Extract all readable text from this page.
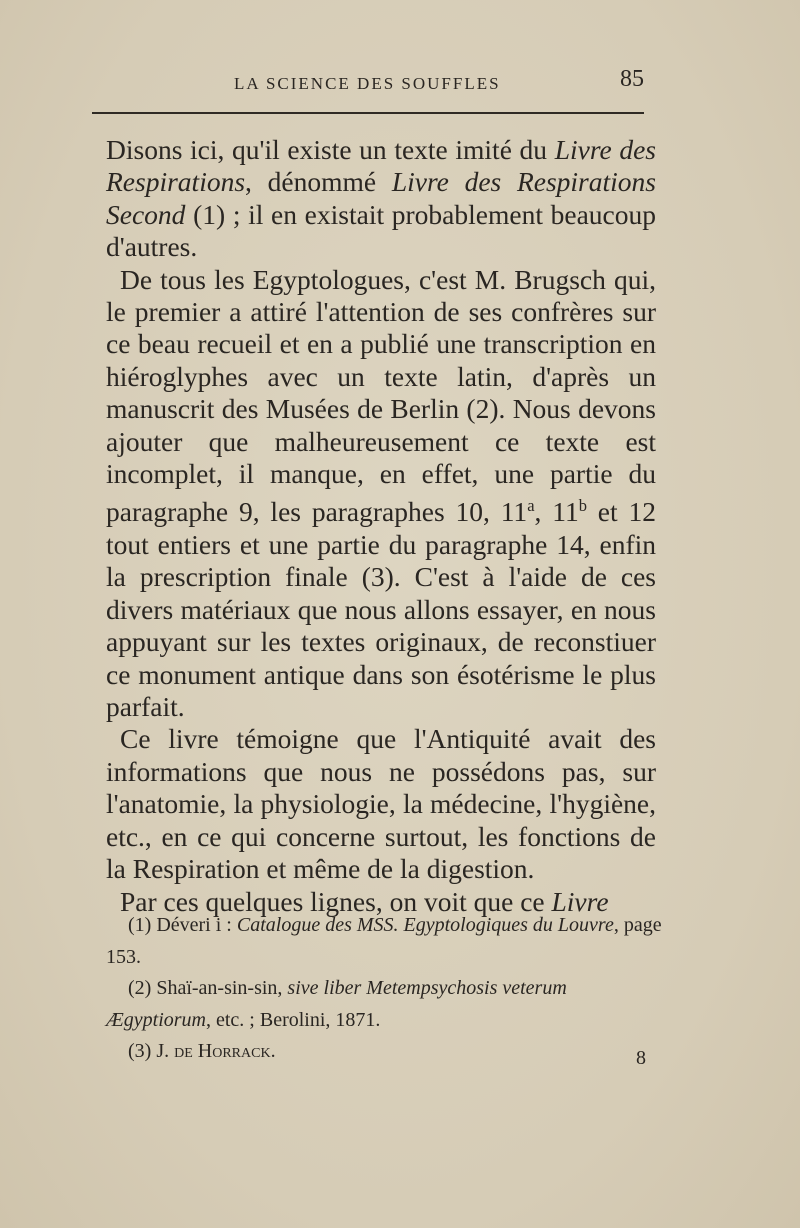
LA SCIENCE DES SOUFFLES	85

Disons ici, qu'il existe un texte imité du Livre des Respirations, dénommé Livre des Respirations Second (1) ; il en existait probablement beaucoup d'autres.

De tous les Egyptologues, c'est M. Brugsch qui, le premier a attiré l'attention de ses confrères sur ce beau recueil et en a publié une transcription en hiéroglyphes avec un texte latin, d'après un manuscrit des Musées de Berlin (2). Nous devons ajouter que malheureusement ce texte est incomplet, il manque, en effet, une partie du paragraphe 9, les paragraphes 10, 11$^a$, 11$^b$ et 12 tout entiers et une partie du paragraphe 14, enfin la prescription finale (3). C'est à l'aide de ces divers matériaux que nous allons essayer, en nous appuyant sur les textes originaux, de reconstiuer ce monument antique dans son ésotérisme le plus parfait.

Ce livre témoigne que l'Antiquité avait des informations que nous ne possédons pas, sur l'anatomie, la physiologie, la médecine, l'hygiène, etc., en ce qui concerne surtout, les fonctions de la Respiration et même de la digestion.

Par ces quelques lignes, on voit que ce Livre

(1) Déveri i : Catalogue des MSS. Egyptologiques du Louvre, page 153.

(2) Shaï-an-sin-sin, sive liber Metempsychosis veterum Ægyptiorum, etc. ; Berolini, 1871.

(3) J. de Horrack.	8
